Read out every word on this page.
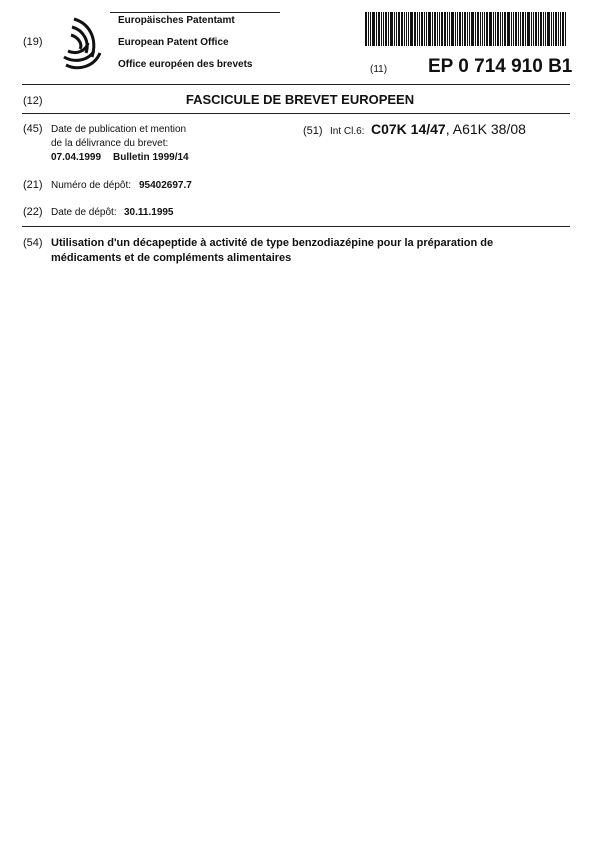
(19)
Europäisches Patentamt
European Patent Office
Office européen des brevets	(11) EP 0 714 910 B1
(12)	FASCICULE DE BREVET EUROPEEN
(45) Date de publication et mention
de la délivrance du brevet:
07.04.1999 Bulletin 1999/14
(51) Int Cl.6: C07K 14/47, A61K 38/08
(21) Numéro de dépôt: 95402697.7
(22) Date de dépôt: 30.11.1995
(54) Utilisation d'un décapeptide à activité de type benzodiazépine pour la préparation de
médicaments et de compléments alimentaires
